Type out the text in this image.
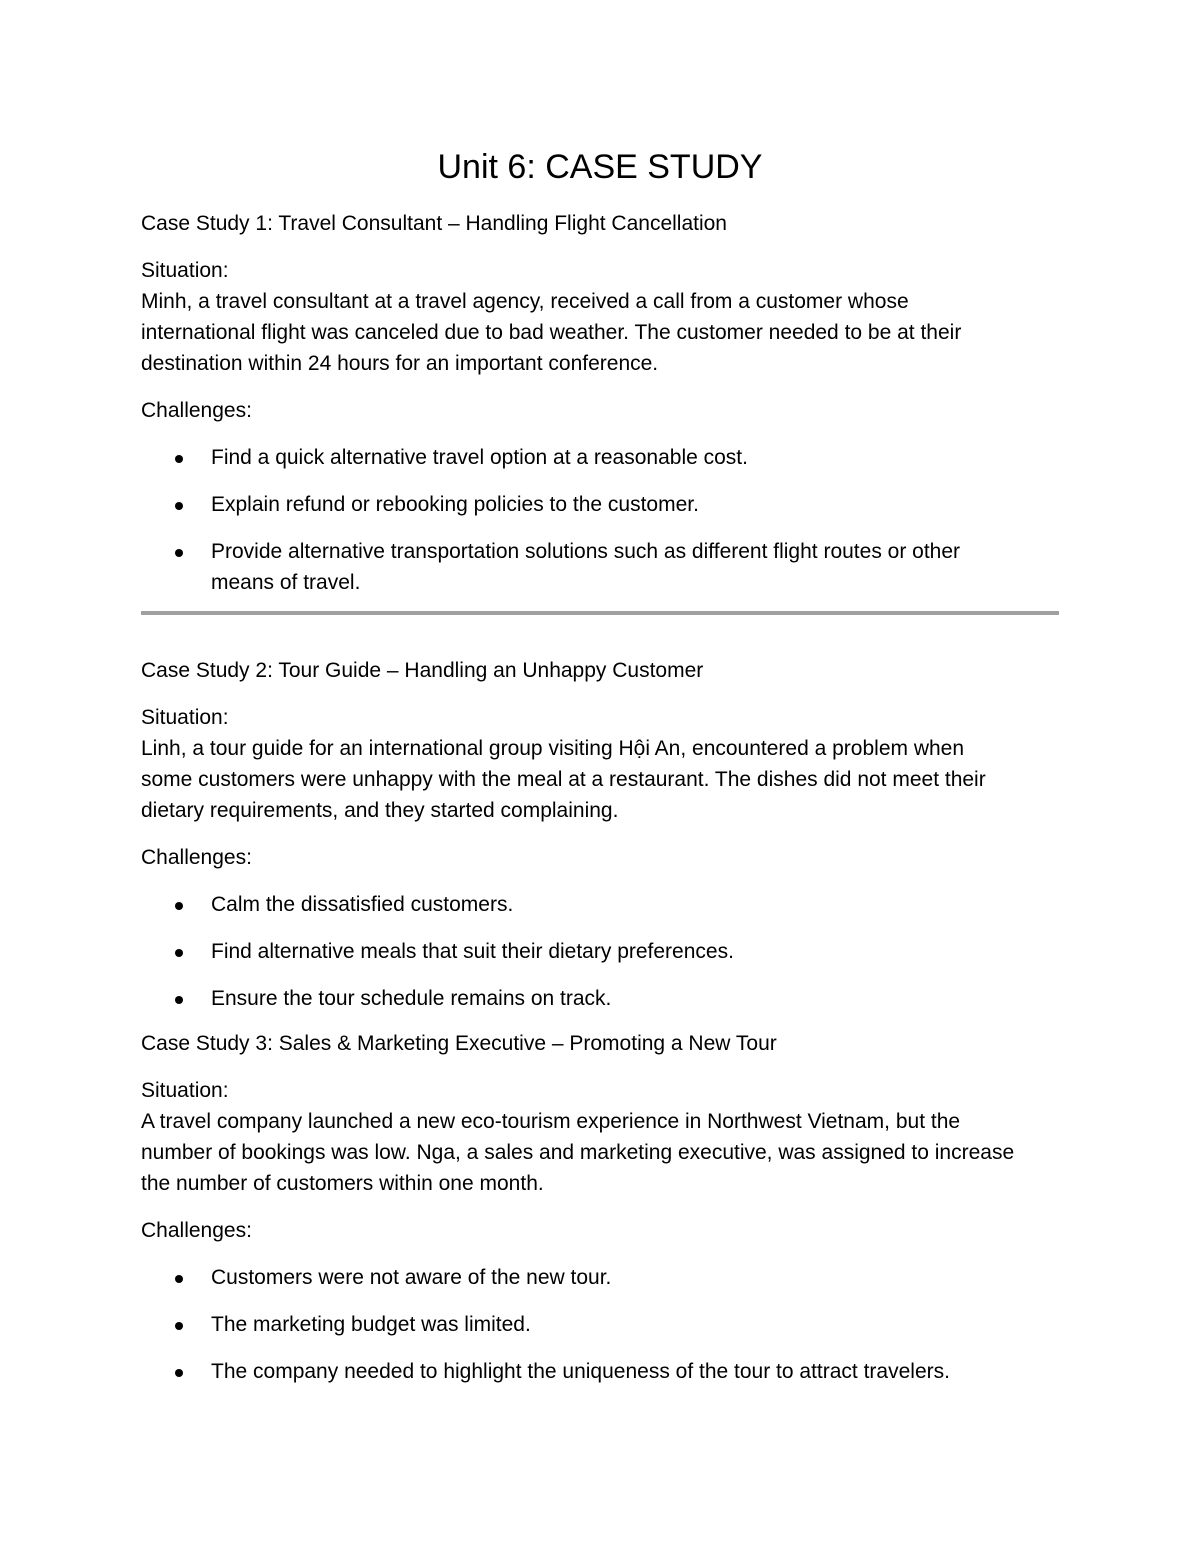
Unit 6: CASE STUDY

Case Study 1: Travel Consultant – Handling Flight Cancellation

Situation:

Minh, a travel consultant at a travel agency, received a call from a customer whose

international flight was canceled due to bad weather. The customer needed to be at their

destination within 24 hours for an important conference.

Challenges:

Find a quick alternative travel option at a reasonable cost.
Explain refund or rebooking policies to the customer.
Provide alternative transportation solutions such as different flight routes or other
means of travel.

Case Study 2: Tour Guide – Handling an Unhappy Customer

Situation:

Linh, a tour guide for an international group visiting Hội An, encountered a problem when

some customers were unhappy with the meal at a restaurant. The dishes did not meet their

dietary requirements, and they started complaining.

Challenges:

Calm the dissatisfied customers.
Find alternative meals that suit their dietary preferences.
Ensure the tour schedule remains on track.

Case Study 3: Sales & Marketing Executive – Promoting a New Tour

Situation:

A travel company launched a new eco-tourism experience in Northwest Vietnam, but the

number of bookings was low. Nga, a sales and marketing executive, was assigned to increase

the number of customers within one month.

Challenges:

Customers were not aware of the new tour.
The marketing budget was limited.
The company needed to highlight the uniqueness of the tour to attract travelers.
